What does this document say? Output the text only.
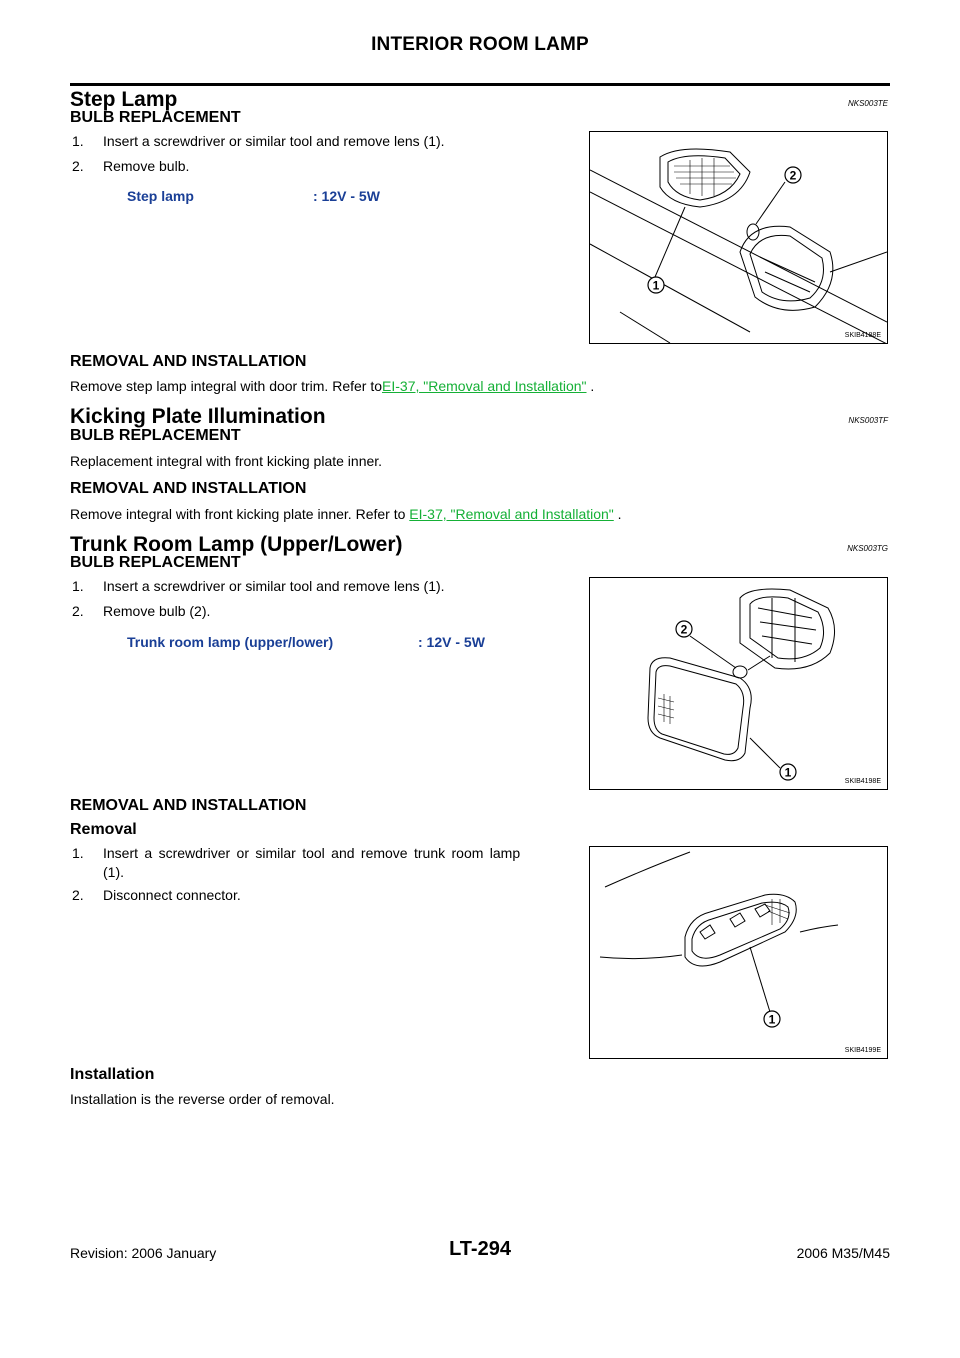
INTERIOR ROOM LAMP
Step Lamp	NKS003TE
BULB REPLACEMENT
1. Insert a screwdriver or similar tool and remove lens (1).
2. Remove bulb.
Step lamp	: 12V - 5W
2
1
SKIB4188E
REMOVAL AND INSTALLATION
Remove step lamp integral with door trim. Refer toEI-37, "Removal and Installation" .
Kicking Plate Illumination	NKS003TF
BULB REPLACEMENT
Replacement integral with front kicking plate inner.
REMOVAL AND INSTALLATION
Remove integral with front kicking plate inner. Refer to EI-37, "Removal and Installation" .
Trunk Room Lamp (Upper/Lower)	NKS003TG
BULB REPLACEMENT
1. Insert a screwdriver or similar tool and remove lens (1).
2. Remove bulb (2).
Trunk room lamp (upper/lower)	: 12V - 5W
2
1
SKIB4198E
REMOVAL AND INSTALLATION
Removal
1. Insert a screwdriver or similar tool and remove trunk room lamp
(1).
2. Disconnect connector.
1
SKIB4199E
Installation
Installation is the reverse order of removal.
LT-294
Revision: 2006 January	2006 M35/M45
